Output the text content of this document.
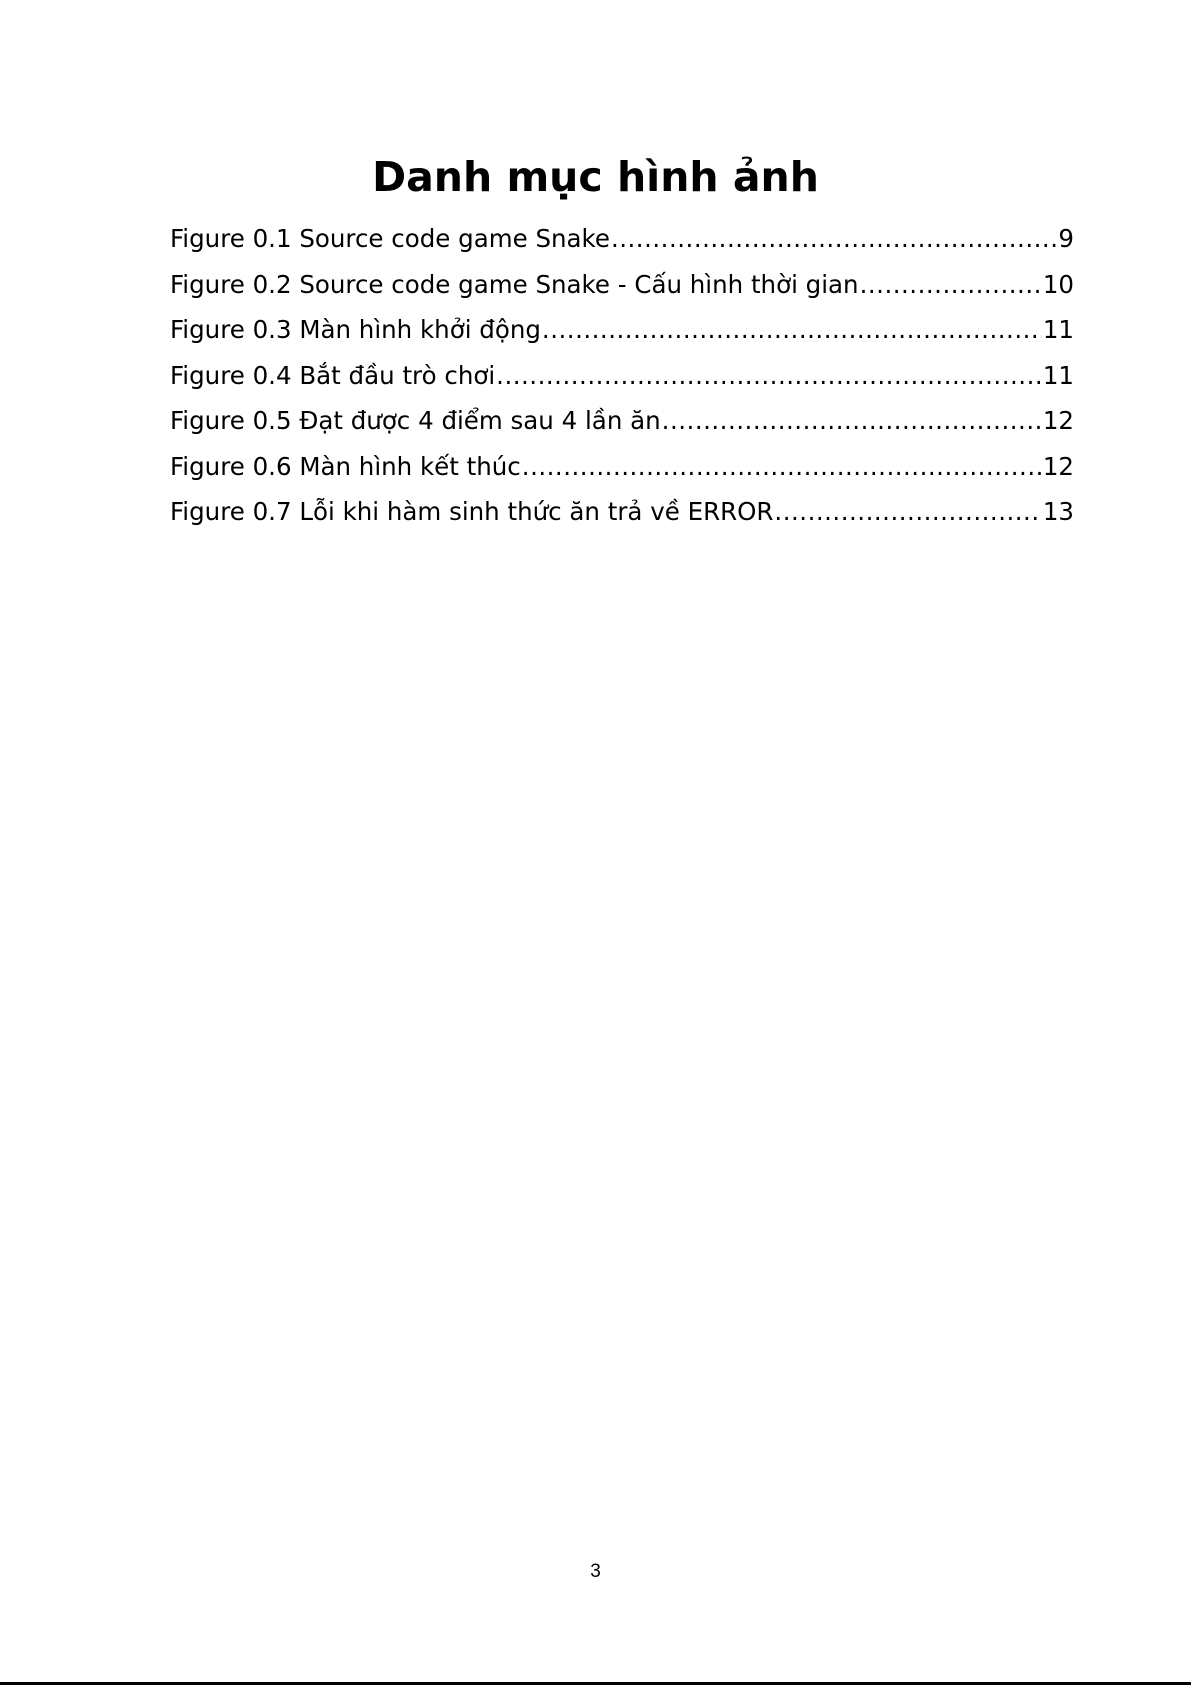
Danh mục hình ảnh
Figure 0.1 Source code game Snake .....	9
Figure 0.2 Source code game Snake - Cấu hình thời gian .....	10
Figure 0.3 Màn hình khởi động .....	11
Figure 0.4 Bắt đầu trò chơi .....	11
Figure 0.5 Đạt được 4 điểm sau 4 lần ăn .....	12
Figure 0.6 Màn hình kết thúc .....	12
Figure 0.7 Lỗi khi hàm sinh thức ăn trả về ERROR .....	13
3
